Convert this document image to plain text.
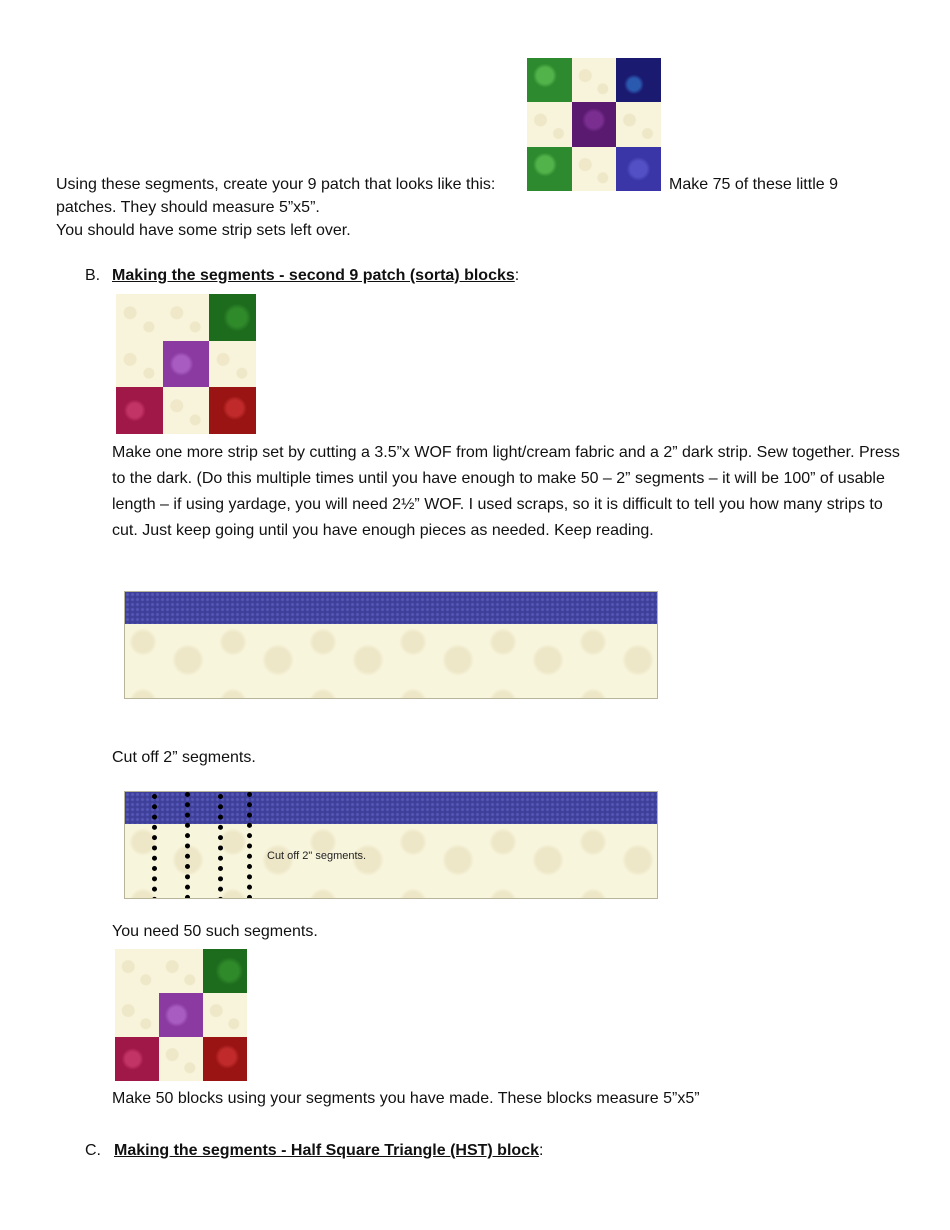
Using these segments, create your 9 patch that looks like this:	Make 75 of these little 9
patches. They should measure 5”x5”.
You should have some strip sets left over.
B. Making the segments - second 9 patch (sorta) blocks:
Make one more strip set by cutting a 3.5”x WOF from light/cream fabric and a 2” dark strip. Sew together. Press to the dark. (Do this multiple times until you have enough to make 50 – 2” segments – it will be 100” of usable length – if using yardage, you will need 2½” WOF. I used scraps, so it is difficult to tell you how many strips to cut. Just keep going until you have enough pieces as needed. Keep reading.
Cut off 2” segments.
Cut off 2" segments.
You need 50 such segments.
Make 50 blocks using your segments you have made. These blocks measure 5”x5”
C. Making the segments - Half Square Triangle (HST) block:
